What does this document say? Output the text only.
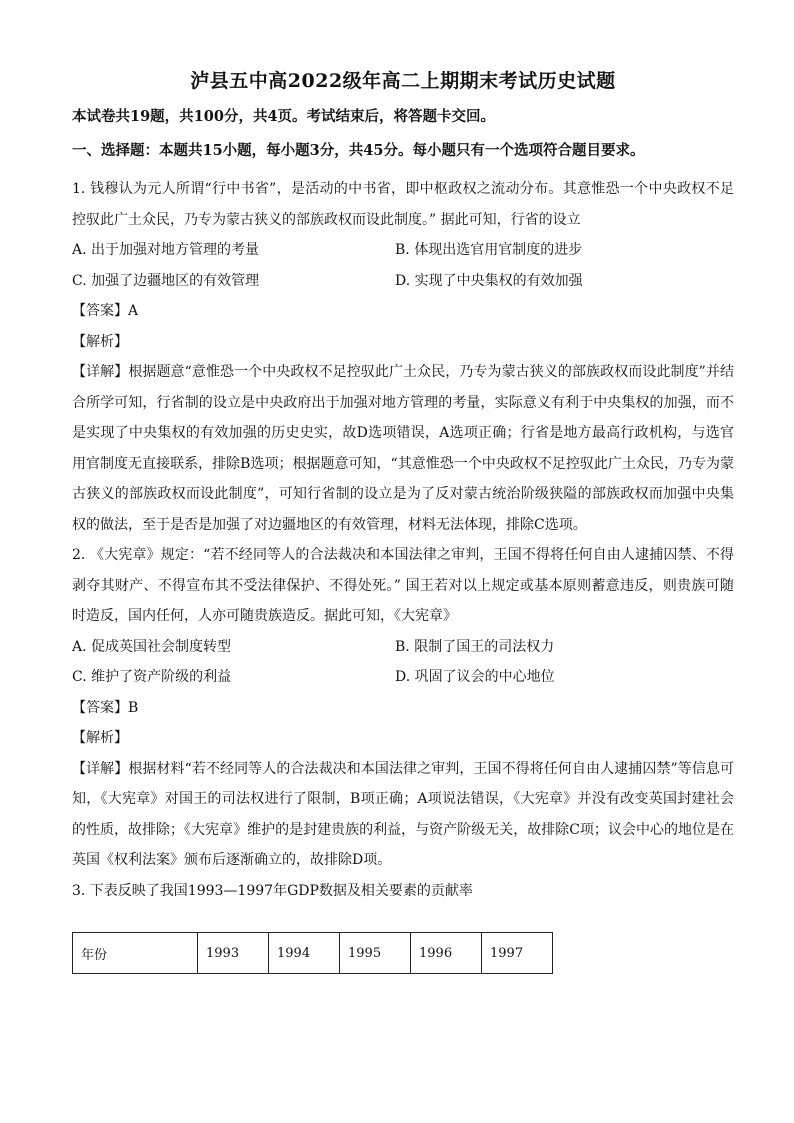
泸县五中高2022级年高二上期期末考试历史试题
本试卷共19题，共100分，共4页。考试结束后，将答题卡交回。
一、选择题：本题共15小题，每小题3分，共45分。每小题只有一个选项符合题目要求。

1. 钱穆认为元人所谓“行中书省”，是活动的中书省，即中枢政权之流动分布。其意惟恐一个中央政权不足控驭此广土众民，乃专为蒙古狭义的部族政权而设此制度。” 据此可知，行省的设立

A. 出于加强对地方管理的考量	B. 体现出选官用官制度的进步
C. 加强了边疆地区的有效管理	D. 实现了中央集权的有效加强
【答案】A
【解析】

【详解】根据题意“意惟恐一个中央政权不足控驭此广土众民，乃专为蒙古狭义的部族政权而设此制度”并结合所学可知，行省制的设立是中央政府出于加强对地方管理的考量，实际意义有利于中央集权的加强，而不是实现了中央集权的有效加强的历史史实，故D选项错误，A选项正确；行省是地方最高行政机构，与选官用官制度无直接联系，排除B选项；根据题意可知，“其意惟恐一个中央政权不足控驭此广土众民，乃专为蒙古狭义的部族政权而设此制度”，可知行省制的设立是为了反对蒙古统治阶级狭隘的部族政权而加强中央集权的做法，至于是否是加强了对边疆地区的有效管理，材料无法体现，排除C选项。

2. 《大宪章》规定：“若不经同等人的合法裁决和本国法律之审判，王国不得将任何自由人逮捕囚禁、不得剥夺其财产、不得宣布其不受法律保护、不得处死。” 国王若对以上规定或基本原则蓄意违反，则贵族可随时造反，国内任何，人亦可随贵族造反。据此可知，《大宪章》

A. 促成英国社会制度转型	B. 限制了国王的司法权力
C. 维护了资产阶级的利益	D. 巩固了议会的中心地位
【答案】B
【解析】

【详解】根据材料“若不经同等人的合法裁决和本国法律之审判，王国不得将任何自由人逮捕囚禁”等信息可知，《大宪章》对国王的司法权进行了限制，B项正确；A项说法错误，《大宪章》并没有改变英国封建社会的性质，故排除；《大宪章》维护的是封建贵族的利益，与资产阶级无关，故排除C项；议会中心的地位是在英国《权利法案》颁布后逐渐确立的，故排除D项。

3. 下表反映了我国1993—1997年GDP数据及相关要素的贡献率

年份	1993	1994	1995	1996	1997
